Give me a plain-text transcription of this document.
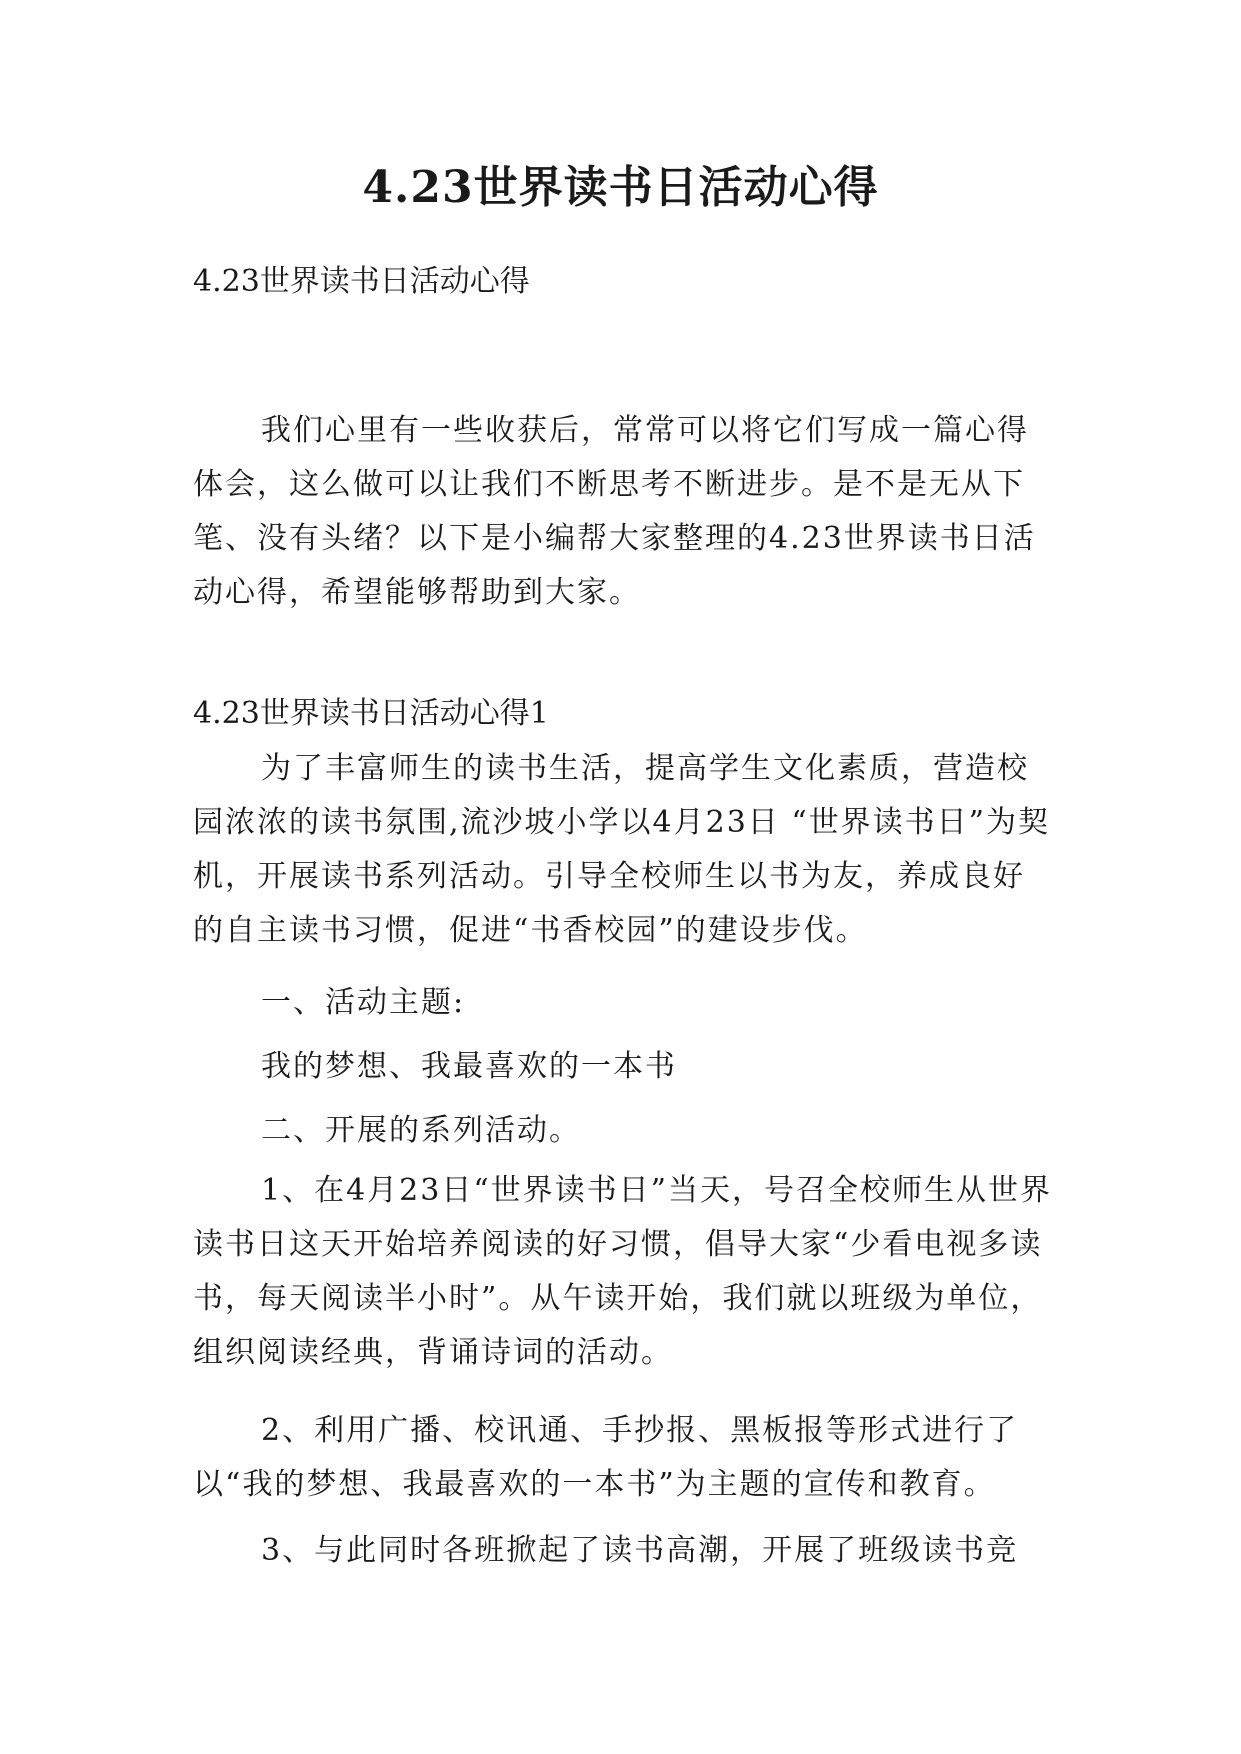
4.23世界读书日活动心得
4.23世界读书日活动心得
我们心里有一些收获后，常常可以将它们写成一篇心得体会，这么做可以让我们不断思考不断进步。是不是无从下笔、没有头绪？以下是小编帮大家整理的4.23世界读书日活动心得，希望能够帮助到大家。
4.23世界读书日活动心得1
为了丰富师生的读书生活，提高学生文化素质，营造校园浓浓的读书氛围,流沙坡小学以4月23日 “世界读书日”为契机，开展读书系列活动。引导全校师生以书为友，养成良好的自主读书习惯，促进“书香校园”的建设步伐。
一、活动主题:
我的梦想、我最喜欢的一本书
二、开展的系列活动。
1、在4月23日“世界读书日”当天，号召全校师生从世界读书日这天开始培养阅读的好习惯，倡导大家“少看电视多读书，每天阅读半小时”。从午读开始，我们就以班级为单位，组织阅读经典，背诵诗词的活动。
2、利用广播、校讯通、手抄报、黑板报等形式进行了以“我的梦想、我最喜欢的一本书”为主题的宣传和教育。
3、与此同时各班掀起了读书高潮，开展了班级读书竞
